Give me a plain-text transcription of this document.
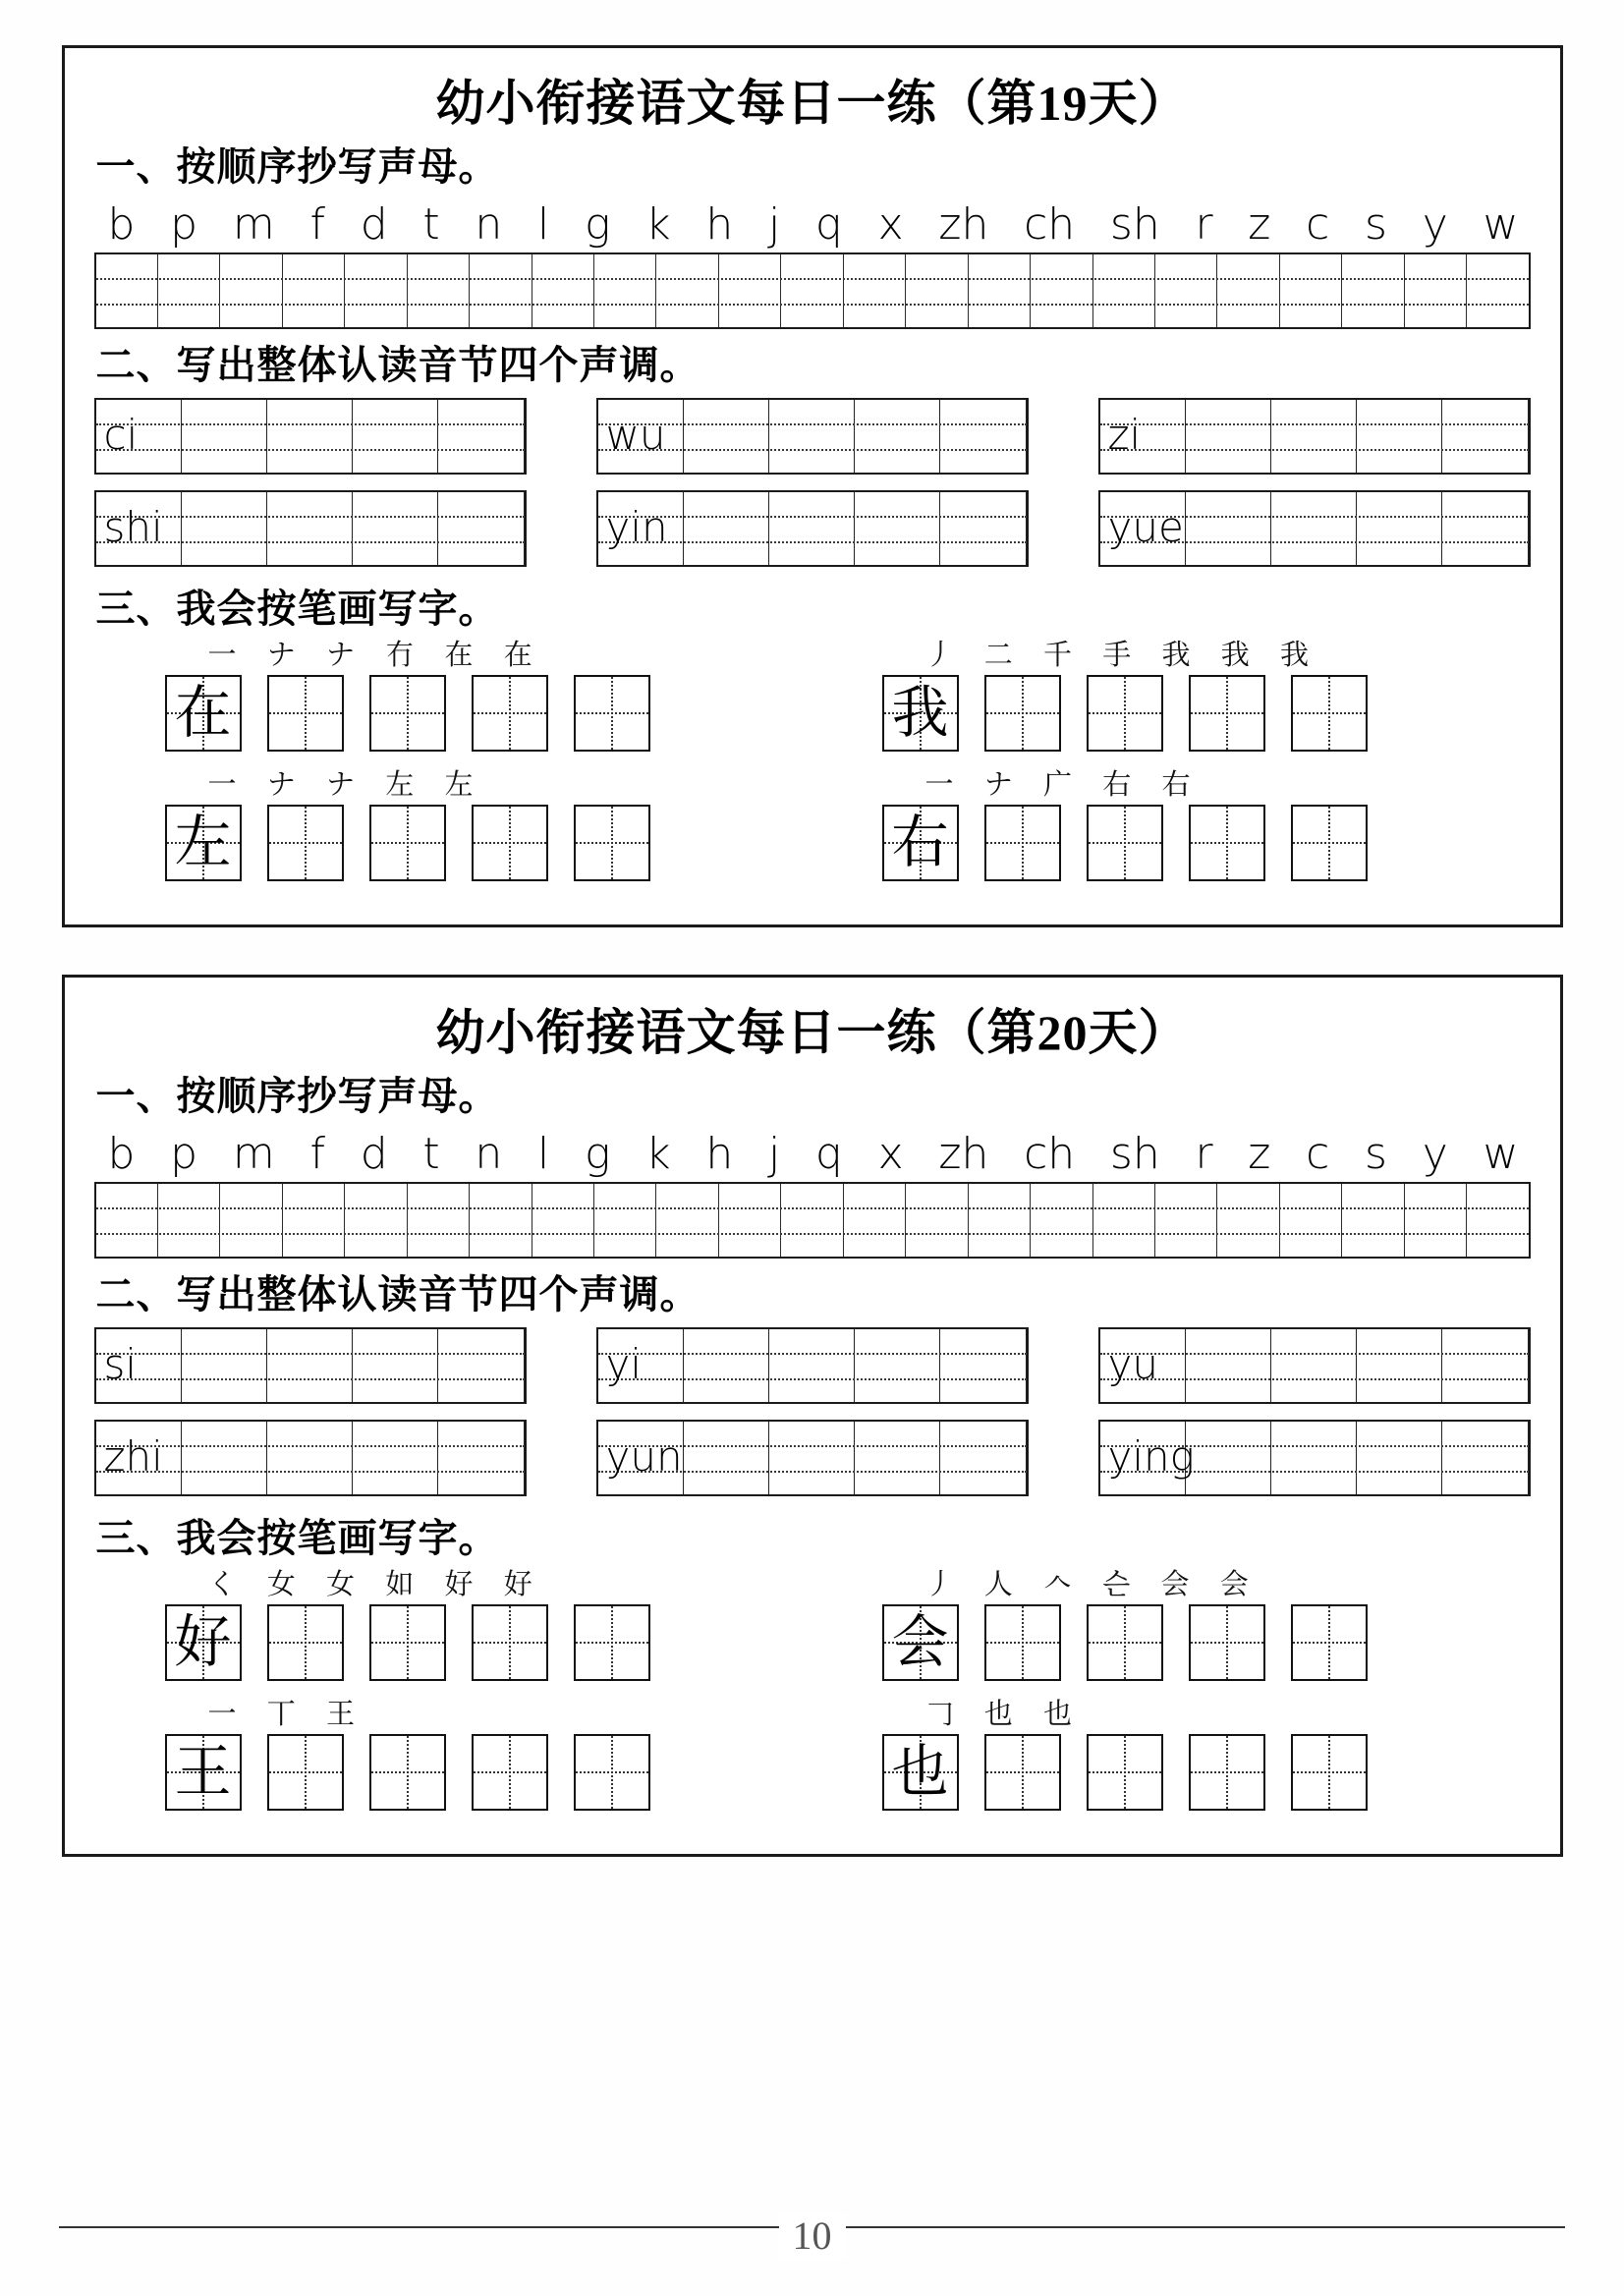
幼小衔接语文每日一练（第19天）
一、按顺序抄写声母。
b p m f d t n l g k h j q x zh ch sh r z c s y w
二、写出整体认读音节四个声调。
ci	wu	zi
shi	yin	yue
三、我会按笔画写字。
一 ナ ナ 冇 在 在
在
丿 二 千 手 我 我 我
我
一 ナ ナ 左 左
左
一 ナ 广 右 右
右
幼小衔接语文每日一练（第20天）
一、按顺序抄写声母。
b p m f d t n l g k h j q x zh ch sh r z c s y w
二、写出整体认读音节四个声调。
si	yi	yu
zhi	yun	ying
三、我会按笔画写字。
く 女 女 如 好 好
好
丿 人 𠆢 슨 会 会
会
一 丅 王
王
𠃌 也 也
也
10
